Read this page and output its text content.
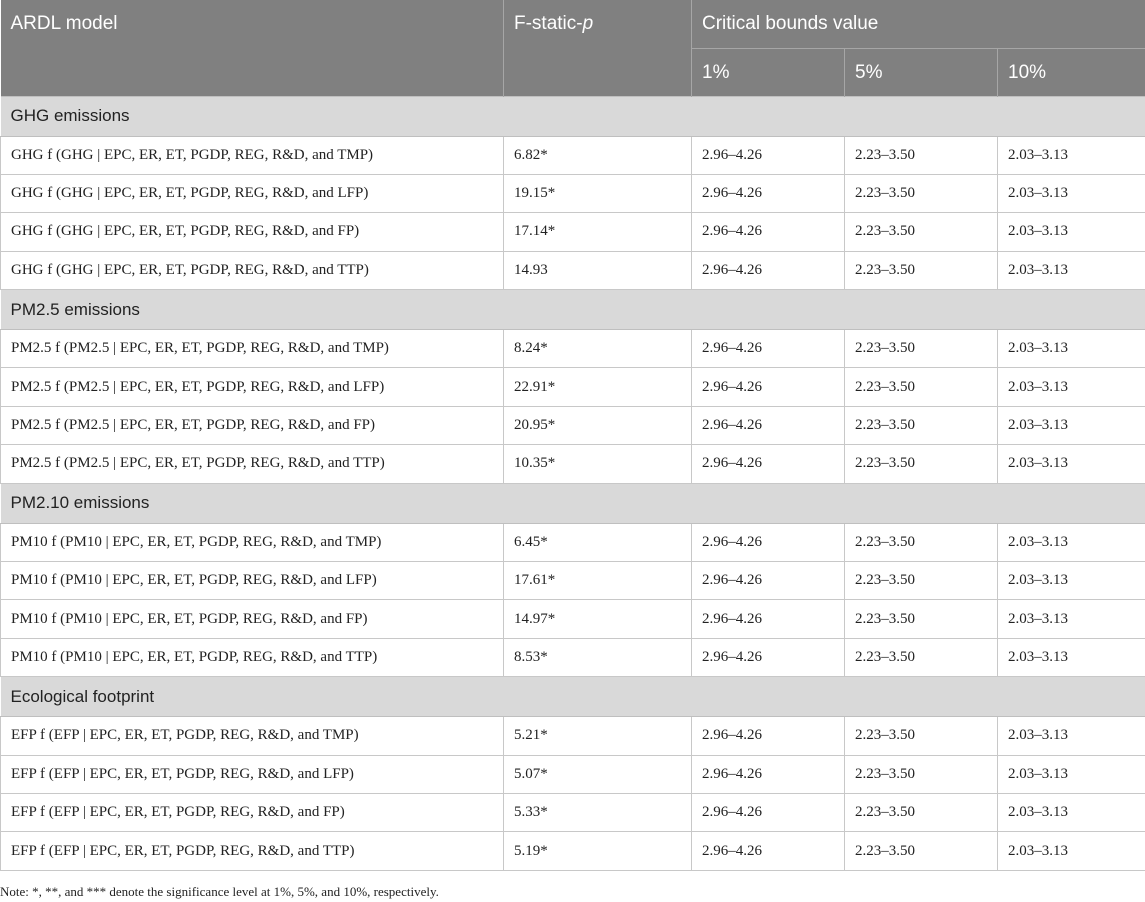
ARDL model	F-static-p	Critical bounds value		
		1%	5%	10%
GHG emissions				
GHG f (GHG | EPC, ER, ET, PGDP, REG, R&D, and TMP)	6.82*	2.96–4.26	2.23–3.50	2.03–3.13
GHG f (GHG | EPC, ER, ET, PGDP, REG, R&D, and LFP)	19.15*	2.96–4.26	2.23–3.50	2.03–3.13
GHG f (GHG | EPC, ER, ET, PGDP, REG, R&D, and FP)	17.14*	2.96–4.26	2.23–3.50	2.03–3.13
GHG f (GHG | EPC, ER, ET, PGDP, REG, R&D, and TTP)	14.93	2.96–4.26	2.23–3.50	2.03–3.13
PM2.5 emissions				
PM2.5 f (PM2.5 | EPC, ER, ET, PGDP, REG, R&D, and TMP)	8.24*	2.96–4.26	2.23–3.50	2.03–3.13
PM2.5 f (PM2.5 | EPC, ER, ET, PGDP, REG, R&D, and LFP)	22.91*	2.96–4.26	2.23–3.50	2.03–3.13
PM2.5 f (PM2.5 | EPC, ER, ET, PGDP, REG, R&D, and FP)	20.95*	2.96–4.26	2.23–3.50	2.03–3.13
PM2.5 f (PM2.5 | EPC, ER, ET, PGDP, REG, R&D, and TTP)	10.35*	2.96–4.26	2.23–3.50	2.03–3.13
PM2.10 emissions				
PM10 f (PM10 | EPC, ER, ET, PGDP, REG, R&D, and TMP)	6.45*	2.96–4.26	2.23–3.50	2.03–3.13
PM10 f (PM10 | EPC, ER, ET, PGDP, REG, R&D, and LFP)	17.61*	2.96–4.26	2.23–3.50	2.03–3.13
PM10 f (PM10 | EPC, ER, ET, PGDP, REG, R&D, and FP)	14.97*	2.96–4.26	2.23–3.50	2.03–3.13
PM10 f (PM10 | EPC, ER, ET, PGDP, REG, R&D, and TTP)	8.53*	2.96–4.26	2.23–3.50	2.03–3.13
Ecological footprint				
EFP f (EFP | EPC, ER, ET, PGDP, REG, R&D, and TMP)	5.21*	2.96–4.26	2.23–3.50	2.03–3.13
EFP f (EFP | EPC, ER, ET, PGDP, REG, R&D, and LFP)	5.07*	2.96–4.26	2.23–3.50	2.03–3.13
EFP f (EFP | EPC, ER, ET, PGDP, REG, R&D, and FP)	5.33*	2.96–4.26	2.23–3.50	2.03–3.13
EFP f (EFP | EPC, ER, ET, PGDP, REG, R&D, and TTP)	5.19*	2.96–4.26	2.23–3.50	2.03–3.13
Note: *, **, and *** denote the significance level at 1%, 5%, and 10%, respectively.
